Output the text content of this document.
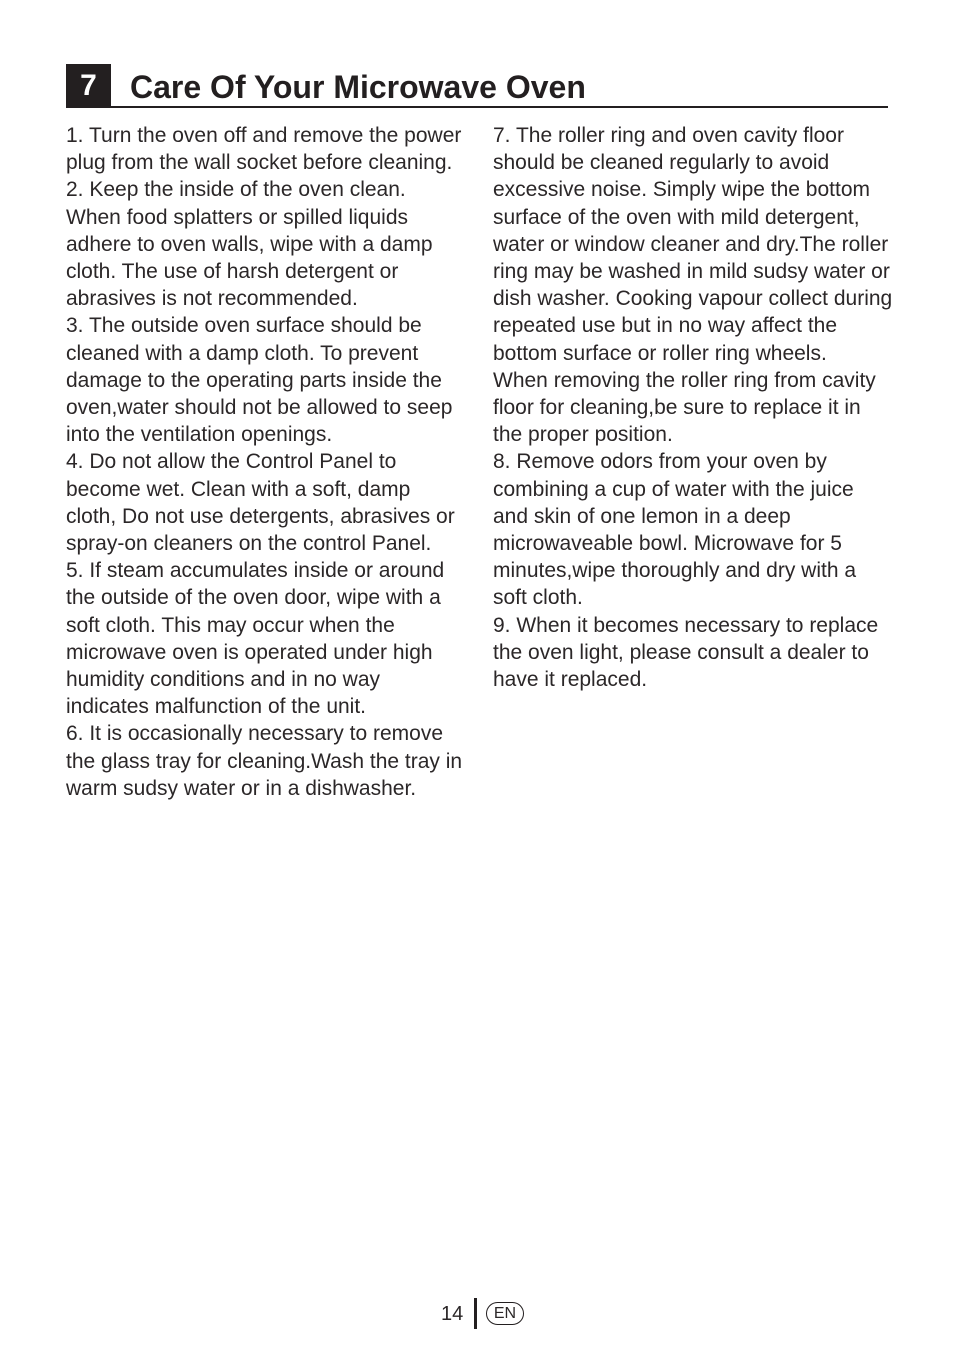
7	Care Of Your Microwave Oven

1. Turn the oven off and remove the power plug from the wall socket before cleaning.

2. Keep the inside of the oven clean. When food splatters or spilled liquids adhere to oven walls, wipe with a damp cloth. The use of harsh detergent or abrasives is not recommended.

3. The outside oven surface should be cleaned with a damp cloth. To prevent damage to the operating parts inside the oven,water should not be allowed to seep into the ventilation openings.

4. Do not allow the Control Panel to become wet. Clean with a soft, damp cloth, Do not use detergents, abrasives or spray-on cleaners on the control Panel.

5. If steam accumulates inside or around the outside of the oven door, wipe with a soft cloth. This may occur when the microwave oven is operated under high humidity conditions and in no way indicates malfunction of the unit.

6. It is occasionally necessary to remove the glass tray for cleaning.Wash the tray in warm sudsy water or in a dishwasher.

7. The roller ring and oven cavity floor should be cleaned regularly to avoid excessive noise. Simply wipe the bottom surface of the oven with mild detergent, water or window cleaner and dry.The roller ring may be washed in mild sudsy water or dish washer. Cooking vapour collect during repeated use but in no way affect the bottom surface or roller ring wheels.

When removing the roller ring from cavity floor for cleaning,be sure to replace it in the proper position.

8. Remove odors from your oven by combining a cup of water with the juice and skin of one lemon in a deep microwaveable bowl. Microwave for 5 minutes,wipe thoroughly and dry with a soft cloth.

9. When it becomes necessary to replace the oven light, please consult a dealer to have it replaced.

14	EN
